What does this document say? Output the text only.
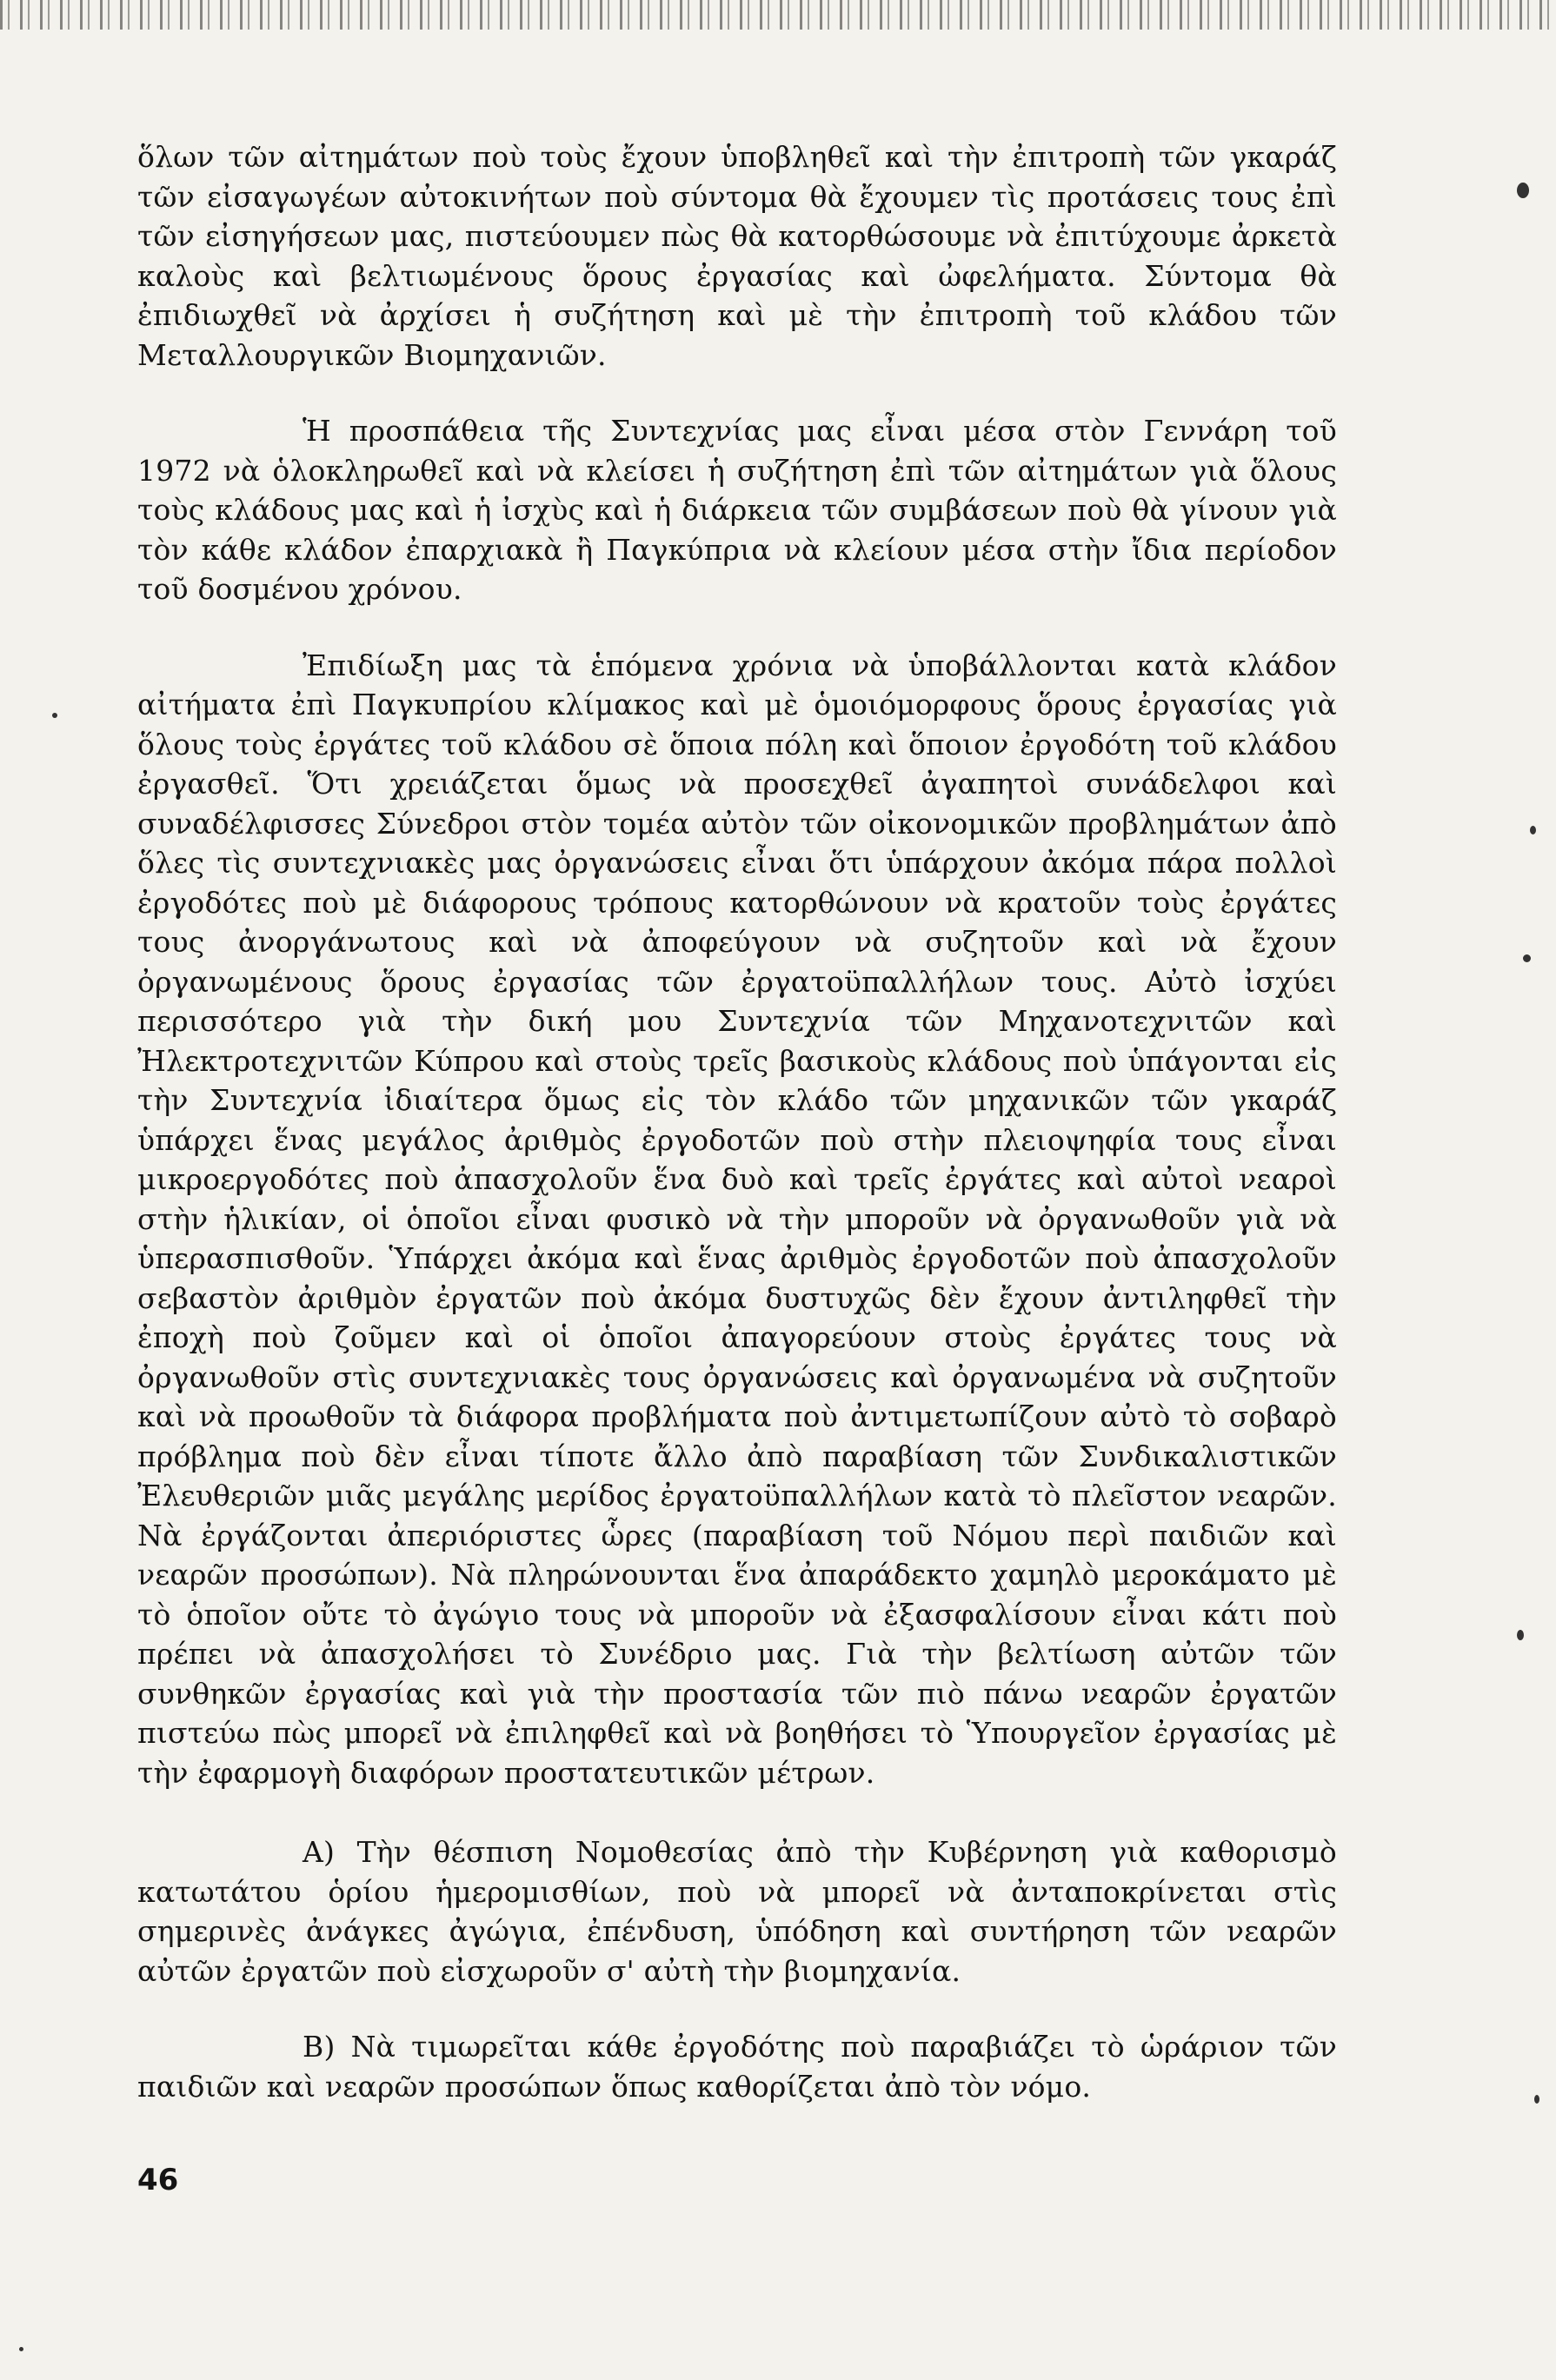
ὅλων τῶν αἰτημάτων ποὺ τοὺς ἔχουν ὑποβληθεῖ καὶ τὴν ἐπιτροπὴ τῶν γκαράζ τῶν εἰσαγωγέων αὐτοκινήτων ποὺ σύντομα θὰ ἔχουμεν τὶς προτάσεις τους ἐπὶ τῶν εἰσηγήσεων μας, πιστεύουμεν πὼς θὰ κατορθώσουμε νὰ ἐπιτύχουμε ἀρκετὰ καλοὺς καὶ βελτιωμένους ὅρους ἐργασίας καὶ ὠφελήματα. Σύντομα θὰ ἐπιδιωχθεῖ νὰ ἀρχίσει ἡ συζήτηση καὶ μὲ τὴν ἐπιτροπὴ τοῦ κλάδου τῶν Μεταλλουργικῶν Βιομηχανιῶν.

Ἡ προσπάθεια τῆς Συντεχνίας μας εἶναι μέσα στὸν Γεννάρη τοῦ 1972 νὰ ὁλοκληρωθεῖ καὶ νὰ κλείσει ἡ συζήτηση ἐπὶ τῶν αἰτημάτων γιὰ ὅλους τοὺς κλάδους μας καὶ ἡ ἰσχὺς καὶ ἡ διάρκεια τῶν συμβάσεων ποὺ θὰ γίνουν γιὰ τὸν κάθε κλάδον ἐπαρχιακὰ ἢ Παγκύπρια νὰ κλείουν μέσα στὴν ἴδια περίοδον τοῦ δοσμένου χρόνου.

Ἐπιδίωξη μας τὰ ἑπόμενα χρόνια νὰ ὑποβάλλονται κατὰ κλάδον αἰτήματα ἐπὶ Παγκυπρίου κλίμακος καὶ μὲ ὁμοιόμορφους ὅρους ἐργασίας γιὰ ὅλους τοὺς ἐργάτες τοῦ κλάδου σὲ ὅποια πόλη καὶ ὅποιον ἐργοδότη τοῦ κλάδου ἐργασθεῖ. Ὅτι χρειάζεται ὅμως νὰ προσεχθεῖ ἀγαπητοὶ συνάδελφοι καὶ συναδέλφισσες Σύνεδροι στὸν τομέα αὐτὸν τῶν οἰκονομικῶν προβλημάτων ἀπὸ ὅλες τὶς συντεχνιακὲς μας ὀργανώσεις εἶναι ὅτι ὑπάρχουν ἀκόμα πάρα πολλοὶ ἐργοδότες ποὺ μὲ διάφορους τρόπους κατορθώνουν νὰ κρατοῦν τοὺς ἐργάτες τους ἀνοργάνωτους καὶ νὰ ἀποφεύγουν νὰ συζητοῦν καὶ νὰ ἔχουν ὀργανωμένους ὅρους ἐργασίας τῶν ἐργατοϋπαλλήλων τους. Αὐτὸ ἰσχύει περισσότερο γιὰ τὴν δική μου Συντεχνία τῶν Μηχανοτεχνιτῶν καὶ Ἠλεκτροτεχνιτῶν Κύπρου καὶ στοὺς τρεῖς βασικοὺς κλάδους ποὺ ὑπάγονται εἰς τὴν Συντεχνία ἰδιαίτερα ὅμως εἰς τὸν κλάδο τῶν μηχανικῶν τῶν γκαράζ ὑπάρχει ἕνας μεγάλος ἀριθμὸς ἐργοδοτῶν ποὺ στὴν πλειοψηφία τους εἶναι μικροεργοδότες ποὺ ἀπασχολοῦν ἕνα δυὸ καὶ τρεῖς ἐργάτες καὶ αὐτοὶ νεαροὶ στὴν ἡλικίαν, οἱ ὁποῖοι εἶναι φυσικὸ νὰ τὴν μποροῦν νὰ ὀργανωθοῦν γιὰ νὰ ὑπερασπισθοῦν. Ὑπάρχει ἀκόμα καὶ ἕνας ἀριθμὸς ἐργοδοτῶν ποὺ ἀπασχολοῦν σεβαστὸν ἀριθμὸν ἐργατῶν ποὺ ἀκόμα δυστυχῶς δὲν ἔχουν ἀντιληφθεῖ τὴν ἐποχὴ ποὺ ζοῦμεν καὶ οἱ ὁποῖοι ἀπαγορεύουν στοὺς ἐργάτες τους νὰ ὀργανωθοῦν στὶς συντεχνιακὲς τους ὀργανώσεις καὶ ὀργανωμένα νὰ συζητοῦν καὶ νὰ προωθοῦν τὰ διάφορα προβλήματα ποὺ ἀντιμετωπίζουν αὐτὸ τὸ σοβαρὸ πρόβλημα ποὺ δὲν εἶναι τίποτε ἄλλο ἀπὸ παραβίαση τῶν Συνδικαλιστικῶν Ἐλευθεριῶν μιᾶς μεγάλης μερίδος ἐργατοϋπαλλήλων κατὰ τὸ πλεῖστον νεαρῶν. Νὰ ἐργάζονται ἀπεριόριστες ὧρες (παραβίαση τοῦ Νόμου περὶ παιδιῶν καὶ νεαρῶν προσώπων). Νὰ πληρώνουνται ἕνα ἀπαράδεκτο χαμηλὸ μεροκάματο μὲ τὸ ὁποῖον οὔτε τὸ ἀγώγιο τους νὰ μποροῦν νὰ ἐξασφαλίσουν εἶναι κάτι ποὺ πρέπει νὰ ἀπασχολήσει τὸ Συνέδριο μας. Γιὰ τὴν βελτίωση αὐτῶν τῶν συνθηκῶν ἐργασίας καὶ γιὰ τὴν προστασία τῶν πιὸ πάνω νεαρῶν ἐργατῶν πιστεύω πὼς μπορεῖ νὰ ἐπιληφθεῖ καὶ νὰ βοηθήσει τὸ Ὑπουργεῖον ἐργασίας μὲ τὴν ἐφαρμογὴ διαφόρων προστατευτικῶν μέτρων.

Α) Τὴν θέσπιση Νομοθεσίας ἀπὸ τὴν Κυβέρνηση γιὰ καθορισμὸ κατωτάτου ὁρίου ἡμερομισθίων, ποὺ νὰ μπορεῖ νὰ ἀνταποκρίνεται στὶς σημερινὲς ἀνάγκες ἀγώγια, ἐπένδυση, ὑπόδηση καὶ συντήρηση τῶν νεαρῶν αὐτῶν ἐργατῶν ποὺ εἰσχωροῦν σ' αὐτὴ τὴν βιομηχανία.

Β) Νὰ τιμωρεῖται κάθε ἐργοδότης ποὺ παραβιάζει τὸ ὡράριον τῶν παιδιῶν καὶ νεαρῶν προσώπων ὅπως καθορίζεται ἀπὸ τὸν νόμο.

46
